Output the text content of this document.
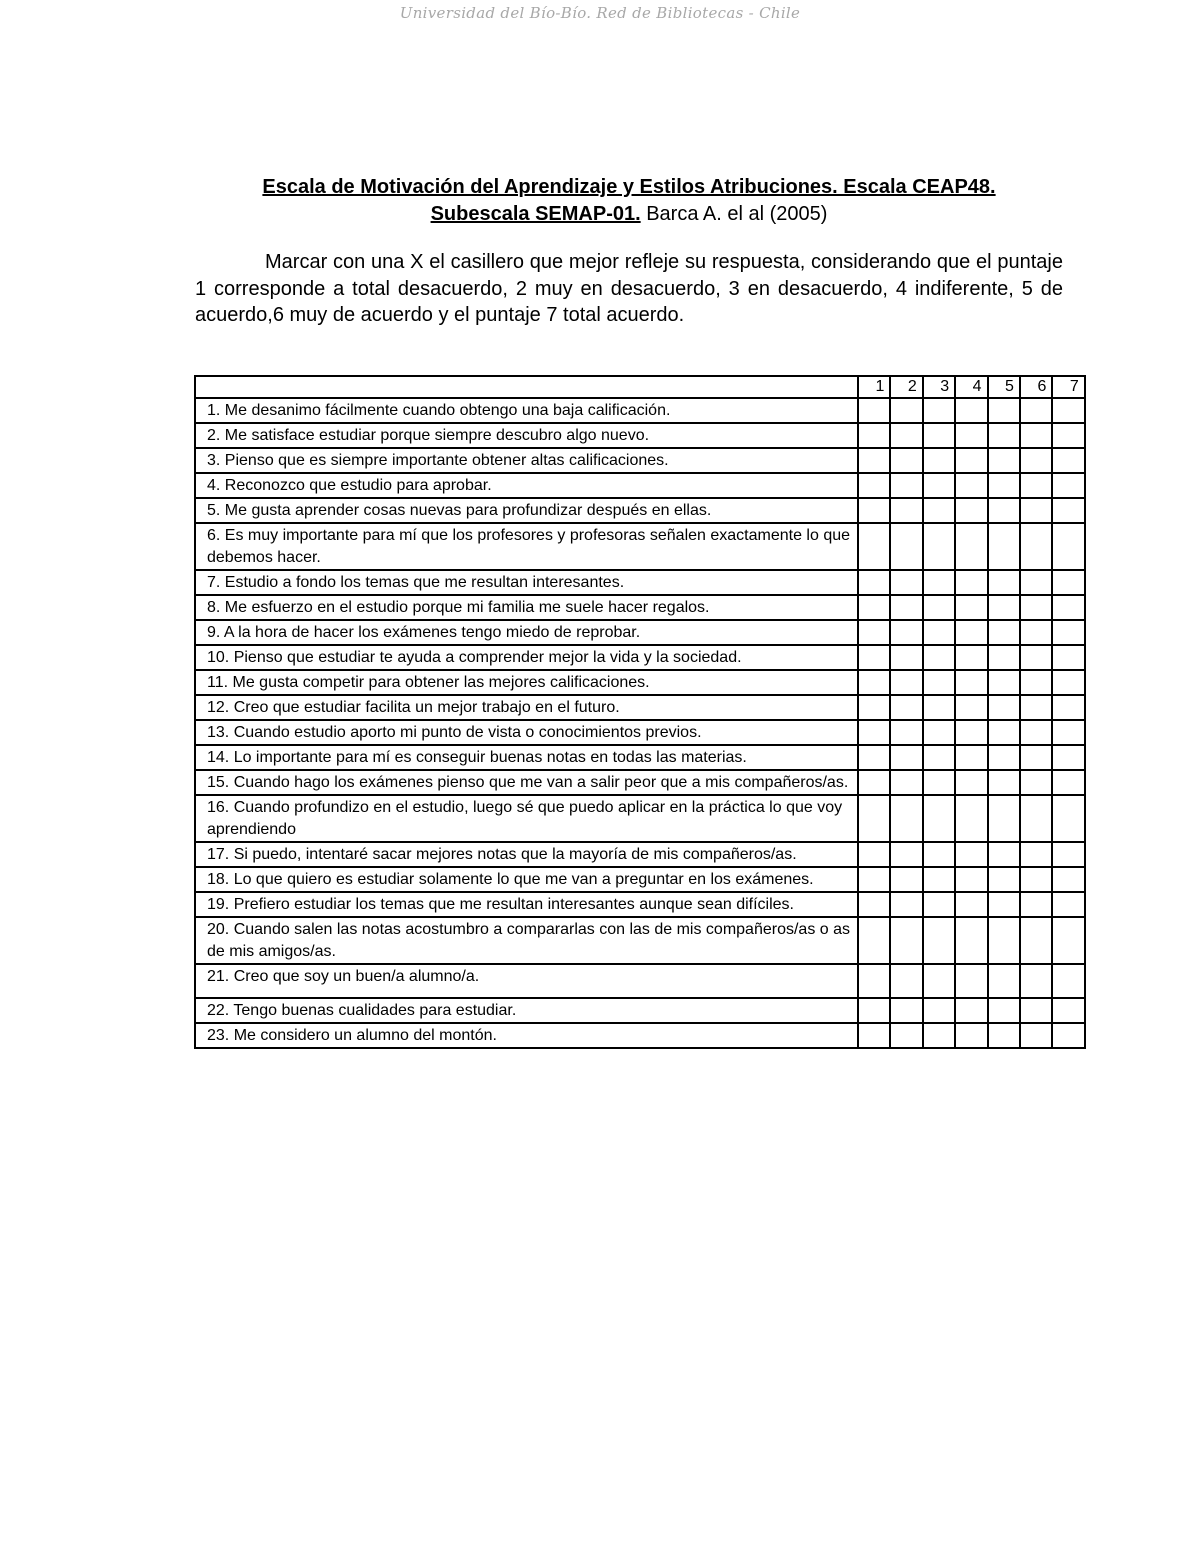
Universidad del Bío-Bío. Red de Bibliotecas - Chile
Escala de Motivación del Aprendizaje y Estilos Atribuciones. Escala CEAP48.
Subescala SEMAP-01. Barca A. el al (2005)

Marcar con una X el casillero que mejor refleje su respuesta, considerando que el puntaje 1 corresponde a total desacuerdo, 2 muy en desacuerdo, 3 en desacuerdo, 4 indiferente, 5 de acuerdo,6 muy de acuerdo y el puntaje 7 total acuerdo.

	1	2	3	4	5	6	7
1. Me desanimo fácilmente cuando obtengo una baja calificación.							
2. Me satisface estudiar porque siempre descubro algo nuevo.							
3. Pienso que es siempre importante obtener altas calificaciones.							
4. Reconozco que estudio para aprobar.							
5. Me gusta aprender cosas nuevas para profundizar después en ellas.							
6. Es muy importante para mí que los profesores y profesoras señalen exactamente lo que debemos hacer.							
7. Estudio a fondo los temas que me resultan interesantes.							
8. Me esfuerzo en el estudio porque mi familia me suele hacer regalos.							
9. A la hora de hacer los exámenes tengo miedo de reprobar.							
10. Pienso que estudiar te ayuda a comprender mejor la vida y la sociedad.							
11. Me gusta competir para obtener las mejores calificaciones.							
12. Creo que estudiar facilita un mejor trabajo en el futuro.							
13. Cuando estudio aporto mi punto de vista o conocimientos previos.							
14. Lo importante para mí es conseguir buenas notas en todas las materias.							
15. Cuando hago los exámenes pienso que me van a salir peor que a mis compañeros/as.							
16. Cuando profundizo en el estudio, luego sé que puedo aplicar en la práctica lo que voy aprendiendo							
17. Si puedo, intentaré sacar mejores notas que la mayoría de mis compañeros/as.							
18. Lo que quiero es estudiar solamente lo que me van a preguntar en los exámenes.							
19. Prefiero estudiar los temas que me resultan interesantes aunque sean difíciles.							
20. Cuando salen las notas acostumbro a compararlas con las de mis compañeros/as o as de mis amigos/as.							
21. Creo que soy un buen/a alumno/a.							
22. Tengo buenas cualidades para estudiar.							
23. Me considero un alumno del montón.							
